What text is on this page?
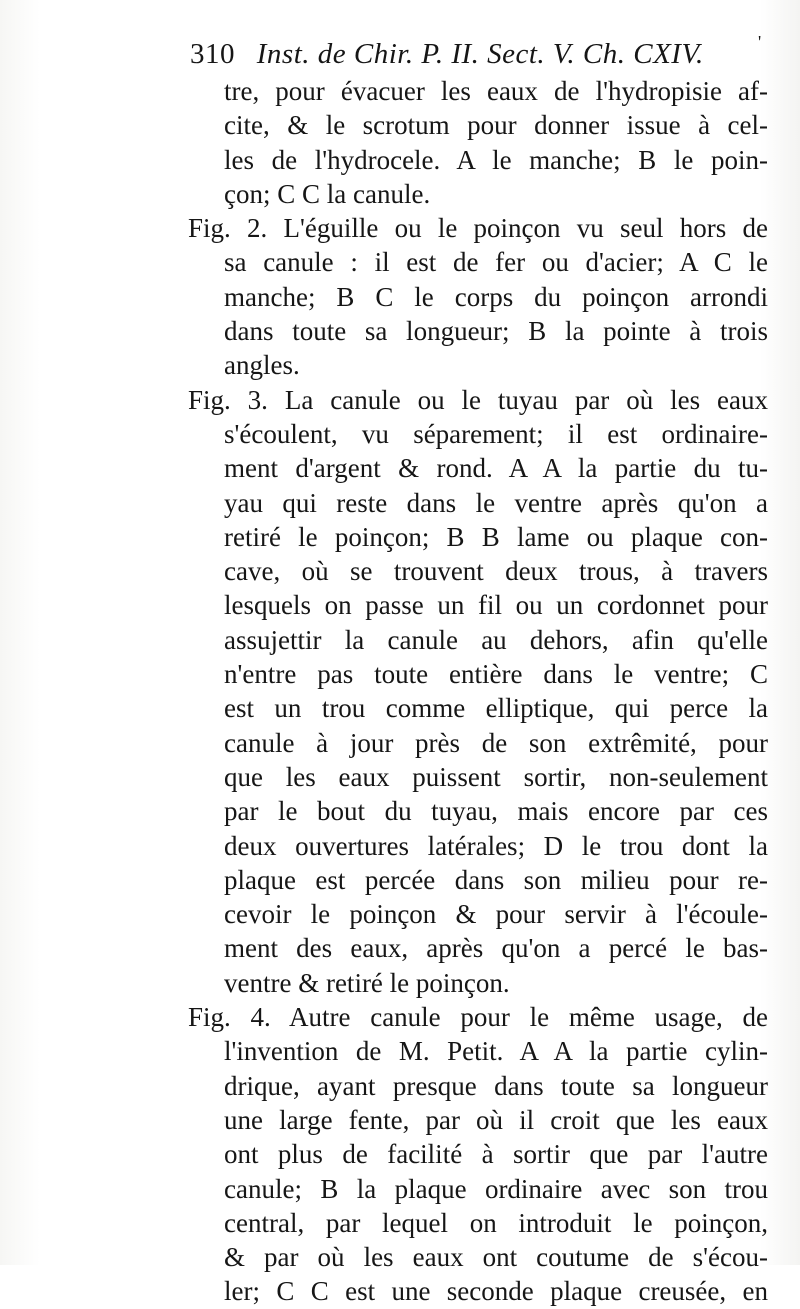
310 Inst. de Chir. P. II. Sect. V. Ch. CXIV.	'
tre, pour évacuer les eaux de l'hydropisie af-
cite, & le scrotum pour donner issue à cel-
les de l'hydrocele. A le manche; B le poin-
çon; C C la canule.
Fig. 2. L'éguille ou le poinçon vu seul hors de
sa canule : il est de fer ou d'acier; A C le
manche; B C le corps du poinçon arrondi
dans toute sa longueur; B la pointe à trois
angles.
Fig. 3. La canule ou le tuyau par où les eaux
s'écoulent, vu séparement; il est ordinaire-
ment d'argent & rond. A A la partie du tu-
yau qui reste dans le ventre après qu'on a
retiré le poinçon; B B lame ou plaque con-
cave, où se trouvent deux trous, à travers
lesquels on passe un fil ou un cordonnet pour
assujettir la canule au dehors, afin qu'elle
n'entre pas toute entière dans le ventre; C
est un trou comme elliptique, qui perce la
canule à jour près de son extrêmité, pour
que les eaux puissent sortir, non-seulement
par le bout du tuyau, mais encore par ces
deux ouvertures latérales; D le trou dont la
plaque est percée dans son milieu pour re-
cevoir le poinçon & pour servir à l'écoule-
ment des eaux, après qu'on a percé le bas-
ventre & retiré le poinçon.
Fig. 4. Autre canule pour le même usage, de
l'invention de M. Petit. A A la partie cylin-
drique, ayant presque dans toute sa longueur
une large fente, par où il croit que les eaux
ont plus de facilité à sortir que par l'autre
canule; B la plaque ordinaire avec son trou
central, par lequel on introduit le poinçon,
& par où les eaux ont coutume de s'écou-
ler; C C est une seconde plaque creusée, en
